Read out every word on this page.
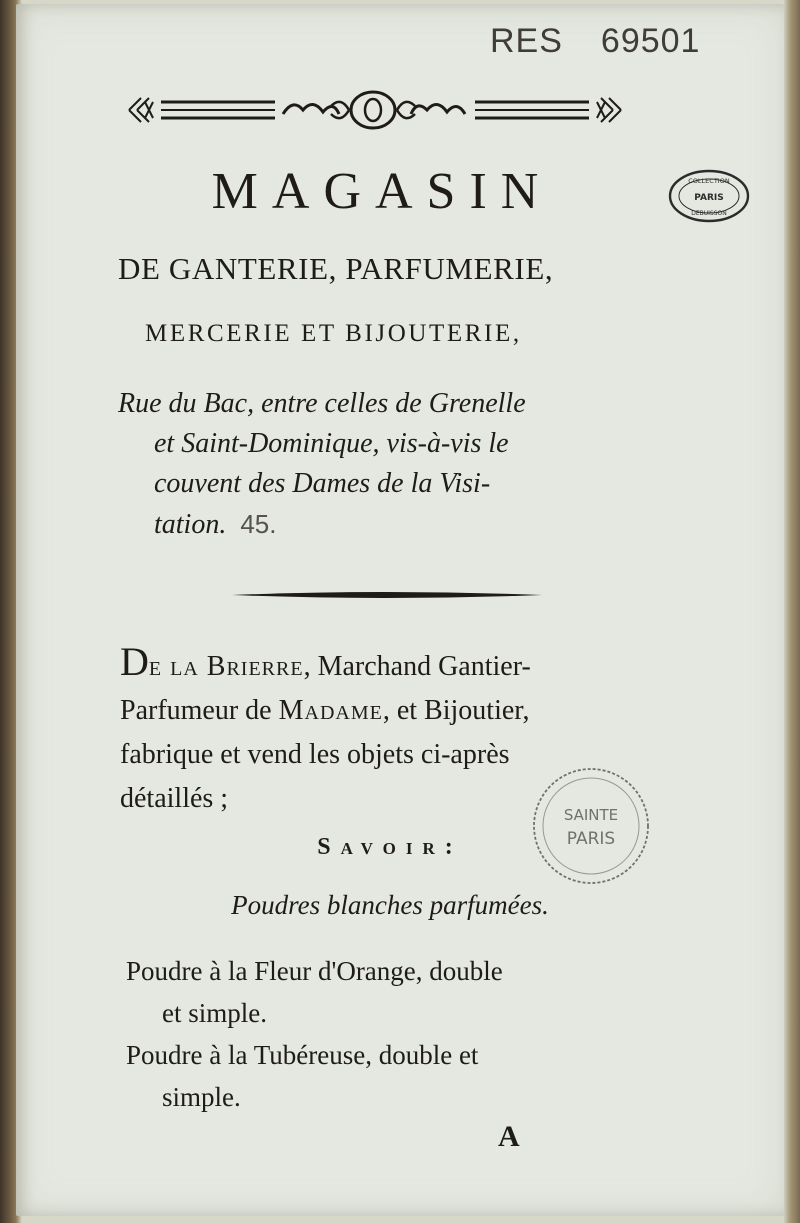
RES 69501
COLLECTION
PARIS
DEBUISSON
MAGASIN
DE GANTERIE, PARFUMERIE,
MERCERIE ET BIJOUTERIE,
Rue du Bac, entre celles de Grenelle
et Saint-Dominique, vis-à-vis le
couvent des Dames de la Visi-
tation. 45.
De la Brierre, Marchand Gantier-
Parfumeur de Madame, et Bijoutier,
fabrique et vend les objets ci-après
détaillés ;
SAINTE
PARIS
Savoir:
Poudres blanches parfumées.
Poudre à la Fleur d'Orange, double
et simple.
Poudre à la Tubéreuse, double et
simple.
A
